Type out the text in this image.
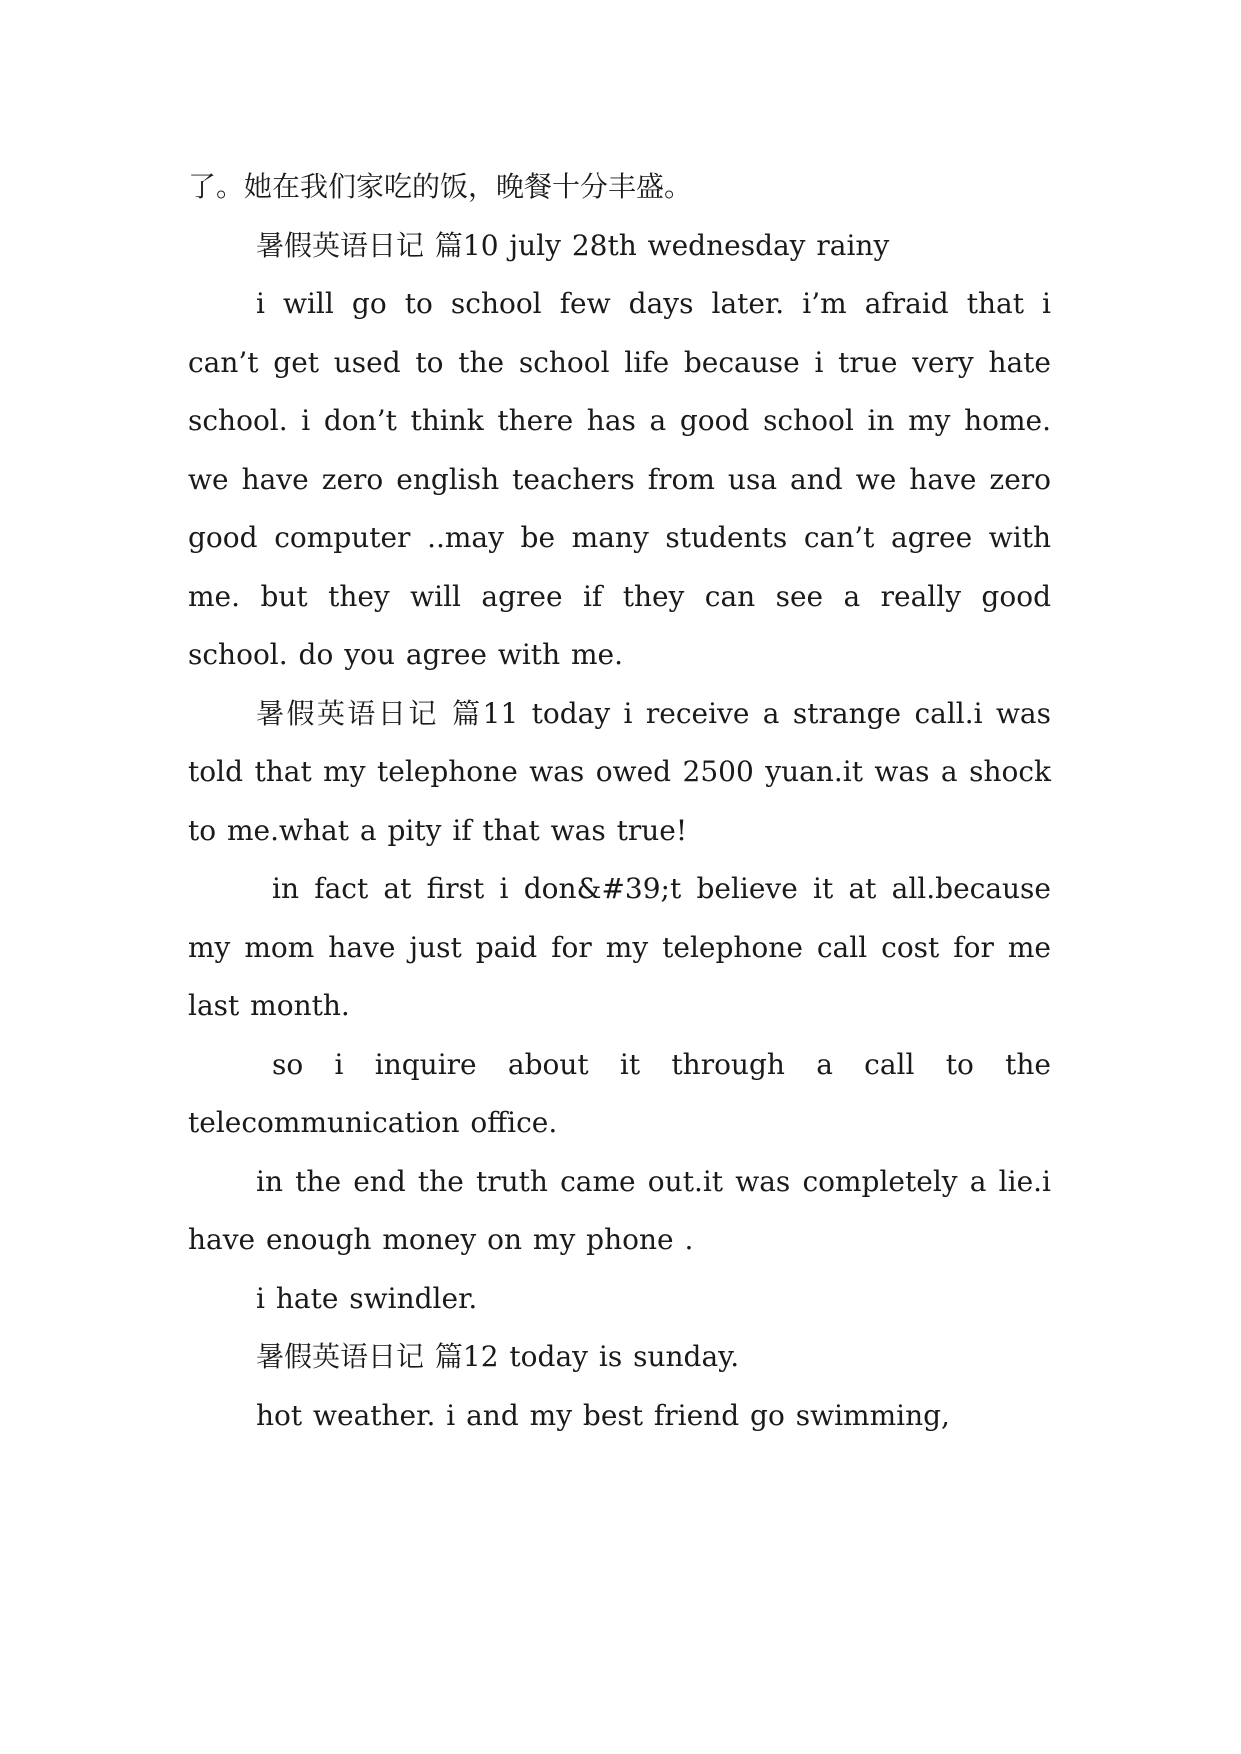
了。她在我们家吃的饭，晚餐十分丰盛。

暑假英语日记 篇10 july 28th wednesday rainy

i will go to school few days later. i’m afraid that i can’t get used to the school life because i true very hate school. i don’t think there has a good school in my home. we have zero english teachers from usa and we have zero good computer ..may be many students can’t agree with me. but they will agree if they can see a really good school. do you agree with me.

暑假英语日记 篇11 today i receive a strange call.i was told that my telephone was owed 2500 yuan.it was a shock to me.what a pity if that was true!

in fact at first i don&#39;t believe it at all.because my mom have just paid for my telephone call cost for me last month.

so i inquire about it through a call to the telecommunication office.

in the end the truth came out.it was completely a lie.i have enough money on my phone .

i hate swindler.

暑假英语日记 篇12 today is sunday.

hot weather. i and my best friend go swimming,
